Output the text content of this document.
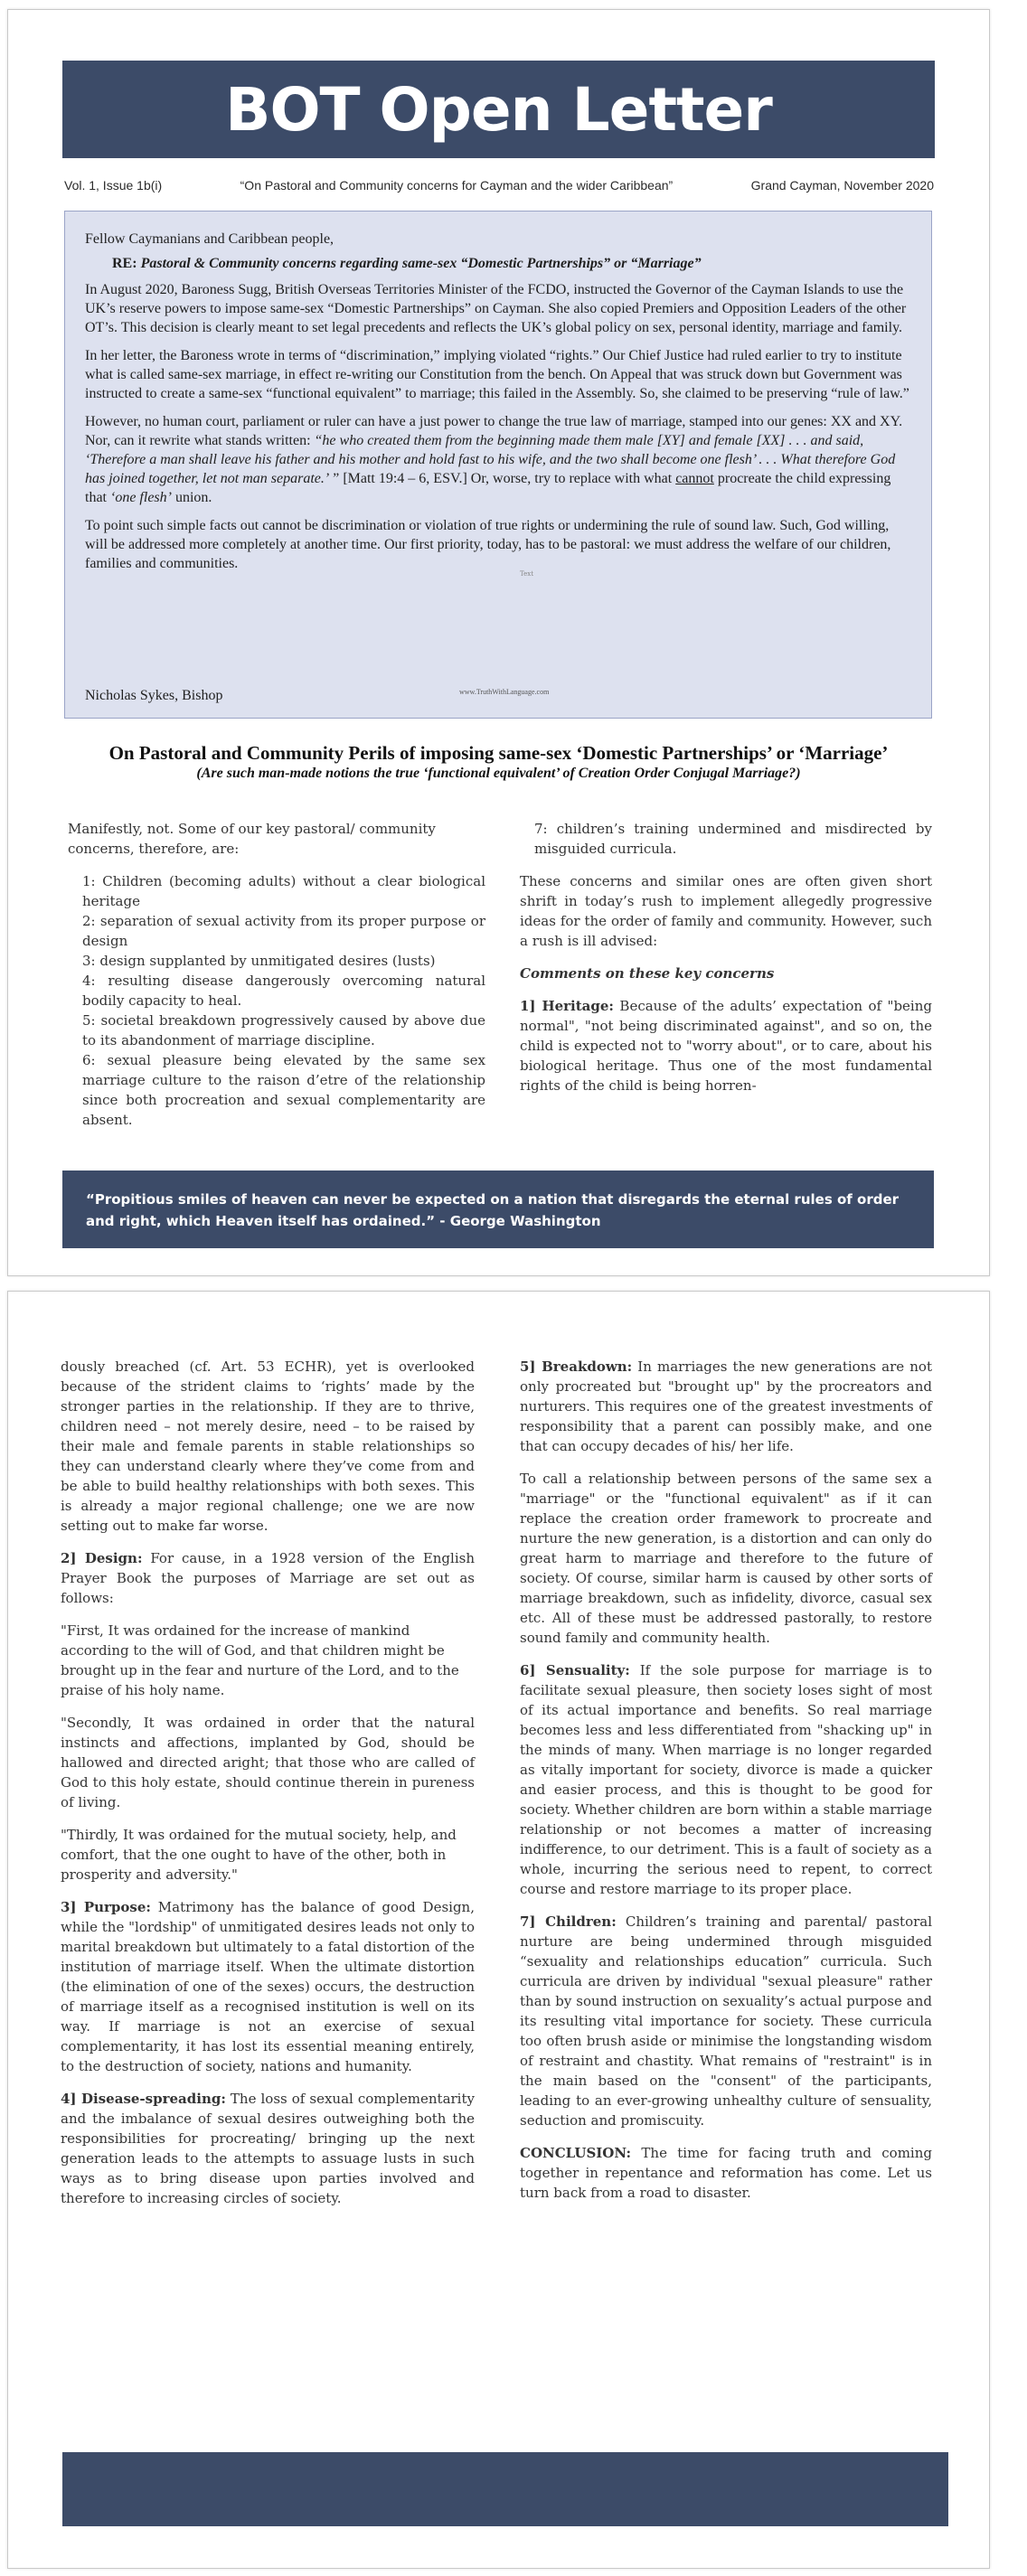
BOT Open Letter
Vol. 1, Issue 1b(i)	“On Pastoral and Community concerns for Cayman and the wider Caribbean”	Grand Cayman, November 2020

Fellow Caymanians and Caribbean people,

RE: Pastoral & Community concerns regarding same-sex “Domestic Partnerships” or “Marriage”

In August 2020, Baroness Sugg, British Overseas Territories Minister of the FCDO, instructed the Governor of the Cayman Islands to use the UK’s reserve powers to impose same-sex “Domestic Partnerships” on Cayman. She also copied Premiers and Opposition Leaders of the other OT’s. This decision is clearly meant to set legal precedents and reflects the UK’s global policy on sex, personal identity, marriage and family.

In her letter, the Baroness wrote in terms of “discrimination,” implying violated “rights.” Our Chief Justice had ruled earlier to try to institute what is called same-sex marriage, in effect re-writing our Constitution from the bench. On Appeal that was struck down but Government was instructed to create a same-sex “functional equivalent” to marriage; this failed in the Assembly. So, she claimed to be preserving “rule of law.”

However, no human court, parliament or ruler can have a just power to change the true law of marriage, stamped into our genes: XX and XY. Nor, can it rewrite what stands written: “he who created them from the beginning made them male [XY] and female [XX] . . . and said, ‘Therefore a man shall leave his father and his mother and hold fast to his wife, and the two shall become one flesh’ . . . What therefore God has joined together, let not man separate.’ ” [Matt 19:4 – 6, ESV.] Or, worse, try to replace with what cannot procreate the child expressing that ‘one flesh’ union.

To point such simple facts out cannot be discrimination or violation of true rights or undermining the rule of sound law. Such, God willing, will be addressed more completely at another time. Our first priority, today, has to be pastoral: we must address the welfare of our children, families and communities.

Nicholas Sykes, Bishop	www.TruthWithLanguage.com
Text
On Pastoral and Community Perils of imposing same-sex ‘Domestic Partnerships’ or ‘Marriage’
(Are such man-made notions the true ‘functional equivalent’ of Creation Order Conjugal Marriage?)

Manifestly, not. Some of our key pastoral/ community concerns, therefore, are:

1: Children (becoming adults) without a clear biological heritage
2: separation of sexual activity from its proper purpose or design
3: design supplanted by unmitigated desires (lusts)
4: resulting disease dangerously overcoming natural bodily capacity to heal.
5: societal breakdown progressively caused by above due to its abandonment of marriage discipline.
6: sexual pleasure being elevated by the same sex marriage culture to the raison d’etre of the relationship since both procreation and sexual complementarity are absent.
7: children’s training undermined and misdirected by misguided curricula.

These concerns and similar ones are often given short shrift in today’s rush to implement allegedly progressive ideas for the order of family and community. However, such a rush is ill advised:

Comments on these key concerns

1] Heritage: Because of the adults’ expectation of "being normal", "not being discriminated against", and so on, the child is expected not to "worry about", or to care, about his biological heritage. Thus one of the most fundamental rights of the child is being horren-

“Propitious smiles of heaven can never be expected on a nation that disregards the eternal rules of order and right, which Heaven itself has ordained.” - George Washington

dously breached (cf. Art. 53 ECHR), yet is overlooked because of the strident claims to ‘rights’ made by the stronger parties in the relationship. If they are to thrive, children need – not merely desire, need – to be raised by their male and female parents in stable relationships so they can understand clearly where they’ve come from and be able to build healthy relationships with both sexes. This is already a major regional challenge; one we are now setting out to make far worse.

2] Design: For cause, in a 1928 version of the English Prayer Book the purposes of Marriage are set out as follows:

"First, It was ordained for the increase of mankind according to the will of God, and that children might be brought up in the fear and nurture of the Lord, and to the praise of his holy name.

"Secondly, It was ordained in order that the natural instincts and affections, implanted by God, should be hallowed and directed aright; that those who are called of God to this holy estate, should continue therein in pureness of living.

"Thirdly, It was ordained for the mutual society, help, and comfort, that the one ought to have of the other, both in prosperity and adversity."

3] Purpose: Matrimony has the balance of good Design, while the "lordship" of unmitigated desires leads not only to marital breakdown but ultimately to a fatal distortion of the institution of marriage itself. When the ultimate distortion (the elimination of one of the sexes) occurs, the destruction of marriage itself as a recognised institution is well on its way. If marriage is not an exercise of sexual complementarity, it has lost its essential meaning entirely, to the destruction of society, nations and humanity.

4] Disease-spreading: The loss of sexual complementarity and the imbalance of sexual desires outweighing both the responsibilities for procreating/ bringing up the next generation leads to the attempts to assuage lusts in such ways as to bring disease upon parties involved and therefore to increasing circles of society.

5] Breakdown: In marriages the new generations are not only procreated but "brought up" by the procreators and nurturers. This requires one of the greatest investments of responsibility that a parent can possibly make, and one that can occupy decades of his/ her life.

To call a relationship between persons of the same sex a "marriage" or the "functional equivalent" as if it can replace the creation order framework to procreate and nurture the new generation, is a distortion and can only do great harm to marriage and therefore to the future of society. Of course, similar harm is caused by other sorts of marriage breakdown, such as infidelity, divorce, casual sex etc. All of these must be addressed pastorally, to restore sound family and community health.

6] Sensuality: If the sole purpose for marriage is to facilitate sexual pleasure, then society loses sight of most of its actual importance and benefits. So real marriage becomes less and less differentiated from "shacking up" in the minds of many. When marriage is no longer regarded as vitally important for society, divorce is made a quicker and easier process, and this is thought to be good for society. Whether children are born within a stable marriage relationship or not becomes a matter of increasing indifference, to our detriment. This is a fault of society as a whole, incurring the serious need to repent, to correct course and restore marriage to its proper place.

7] Children: Children’s training and parental/ pastoral nurture are being undermined through misguided “sexuality and relationships education” curricula. Such curricula are driven by individual "sexual pleasure" rather than by sound instruction on sexuality’s actual purpose and its resulting vital importance for society. These curricula too often brush aside or minimise the longstanding wisdom of restraint and chastity. What remains of "restraint" is in the main based on the "consent" of the participants, leading to an ever-growing unhealthy culture of sensuality, seduction and promiscuity.

CONCLUSION: The time for facing truth and coming together in repentance and reformation has come. Let us turn back from a road to disaster.
